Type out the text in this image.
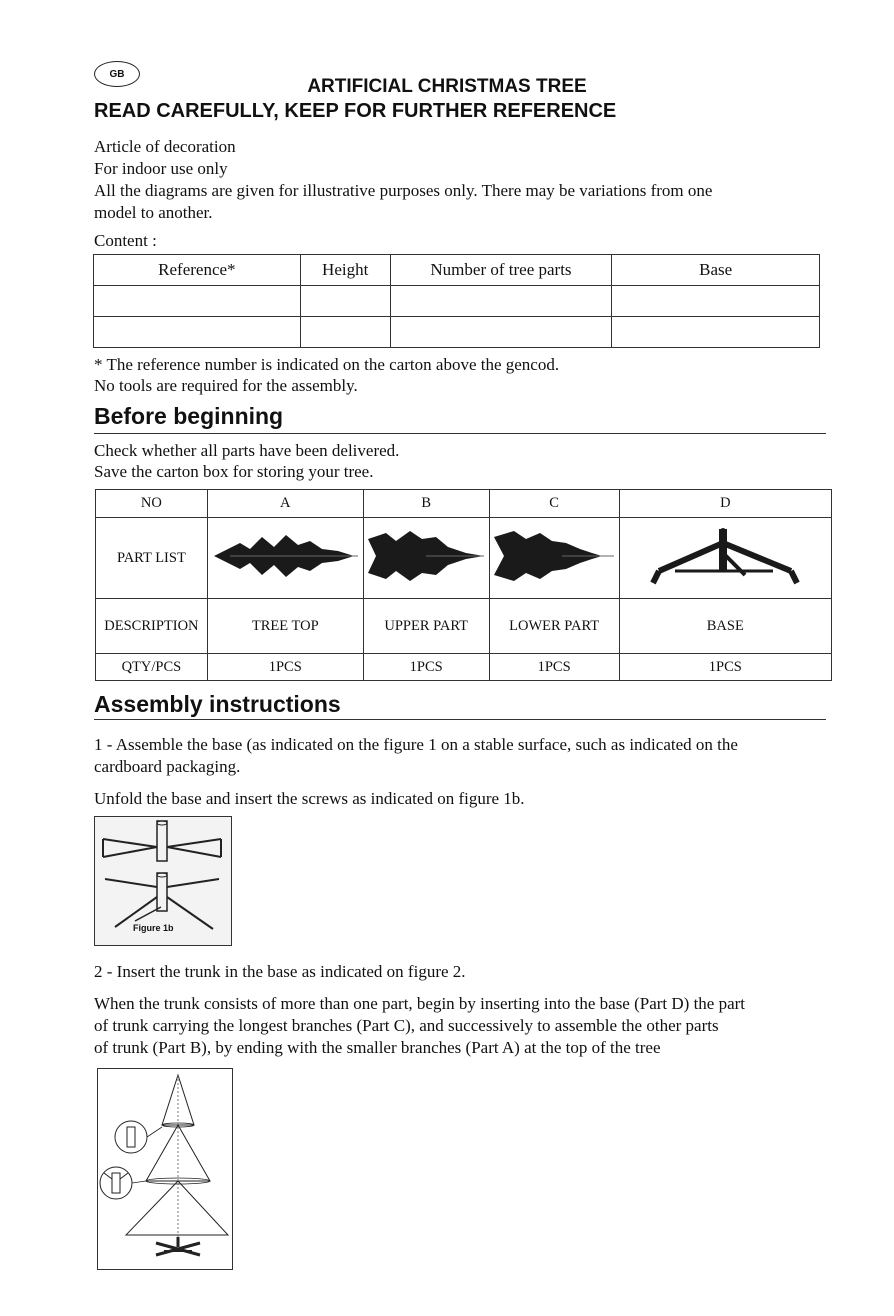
GB
ARTIFICIAL CHRISTMAS TREE
READ CAREFULLY, KEEP FOR FURTHER REFERENCE
Article of decoration
For indoor use only
All the diagrams are given for illustrative purposes only. There may be variations from one
model to another.
Content :
Reference*	Height	Number of tree parts	Base

* The reference number is indicated on the carton above the gencod.
No tools are required for the assembly.
Before beginning
Check whether all parts have been delivered.
Save the carton box for storing your tree.
NO	A	B	C	D
PART LIST				
DESCRIPTION	TREE TOP	UPPER PART	LOWER PART	BASE
QTY/PCS	1PCS	1PCS	1PCS	1PCS
Assembly instructions
1 - Assemble the base (as indicated on the figure 1 on a stable surface, such as indicated on the
cardboard packaging.
Unfold the base and insert the screws as indicated on figure 1b.
Figure 1b
2 - Insert the trunk in the base as indicated on figure 2.
When the trunk consists of more than one part, begin by inserting into the base (Part D) the part
of trunk carrying the longest branches (Part C), and successively to assemble the other parts
of trunk (Part B), by ending with the smaller branches (Part A) at the top of the tree
